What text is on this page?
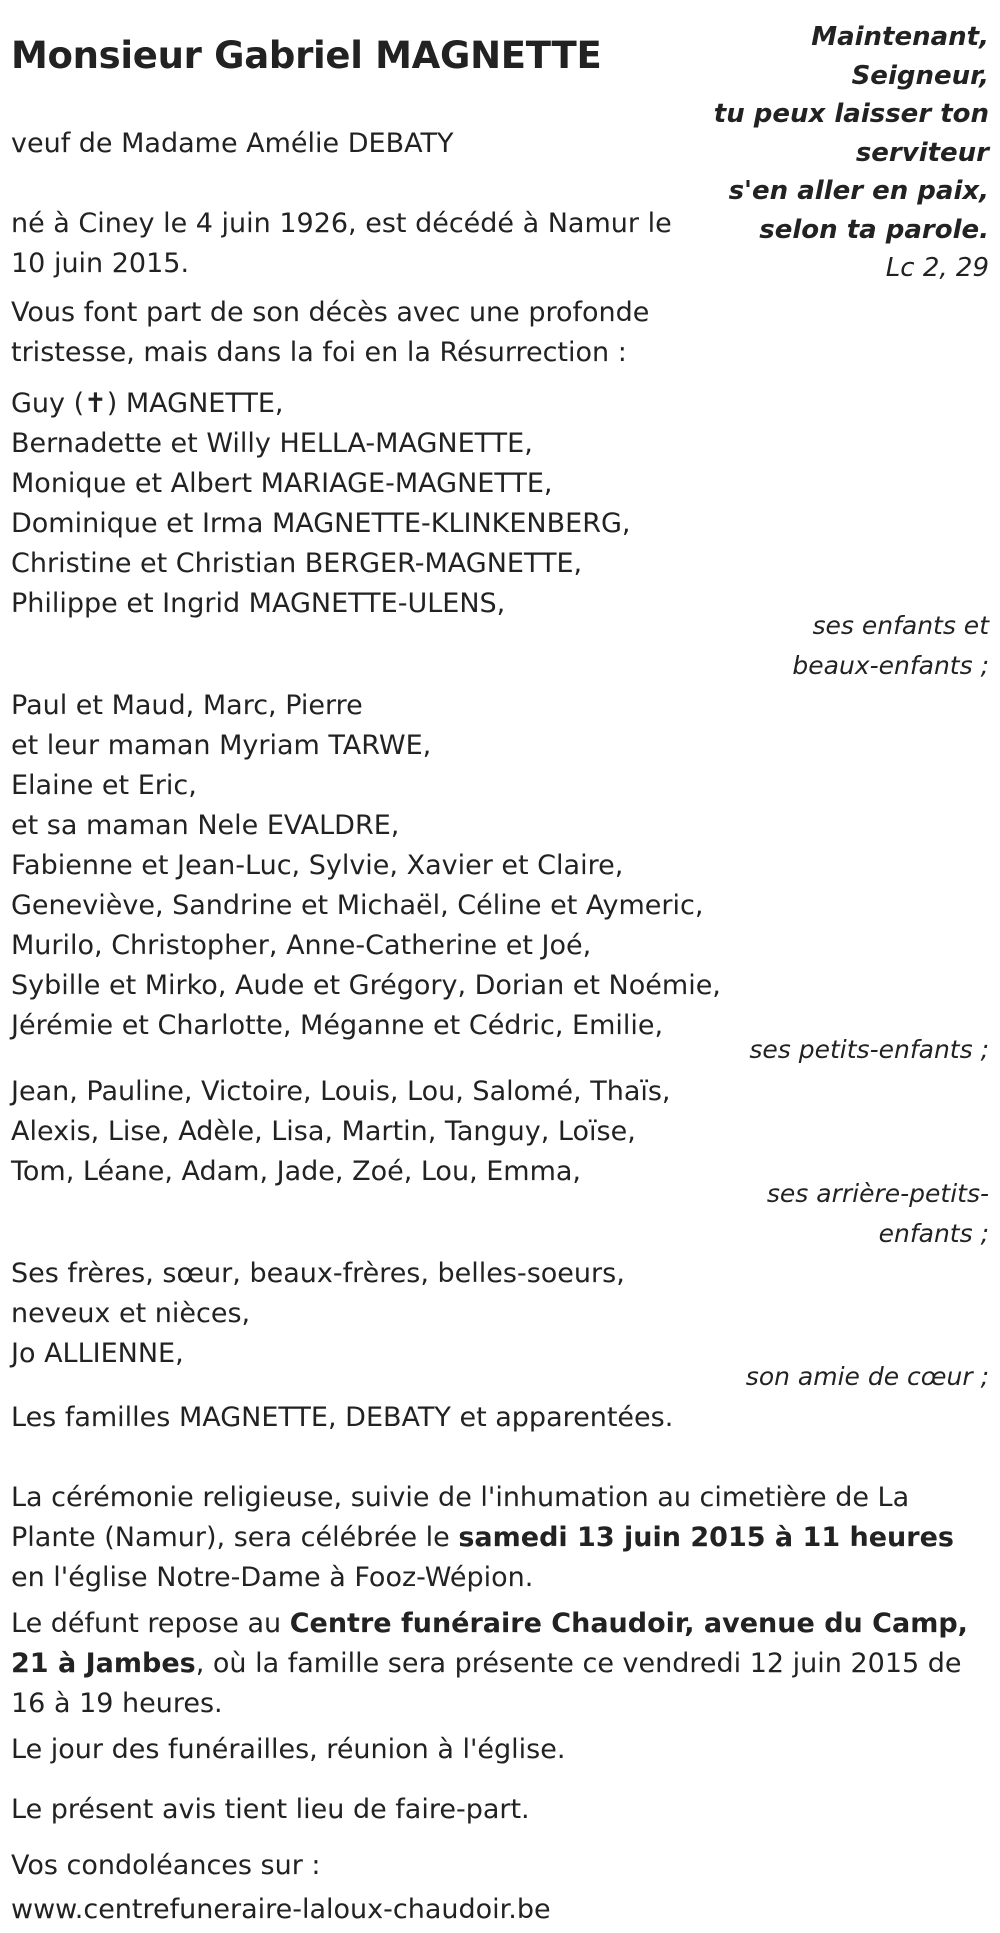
Monsieur Gabriel MAGNETTE	Maintenant,
Seigneur,
tu peux laisser ton
serviteur
s'en aller en paix,
selon ta parole.
Lc 2, 29
veuf de Madame Amélie DEBATY
né à Ciney le 4 juin 1926, est décédé à Namur le 10 juin 2015.
Vous font part de son décès avec une profonde tristesse, mais dans la foi en la Résurrection :
Guy (✝) MAGNETTE,
Bernadette et Willy HELLA-MAGNETTE,
Monique et Albert MARIAGE-MAGNETTE,
Dominique et Irma MAGNETTE-KLINKENBERG,
Christine et Christian BERGER-MAGNETTE,
Philippe et Ingrid MAGNETTE-ULENS,
ses enfants et beaux-enfants ;
Paul et Maud, Marc, Pierre
et leur maman Myriam TARWE,
Elaine et Eric,
et sa maman Nele EVALDRE,
Fabienne et Jean-Luc, Sylvie, Xavier et Claire,
Geneviève, Sandrine et Michaël, Céline et Aymeric,
Murilo, Christopher, Anne-Catherine et Joé,
Sybille et Mirko, Aude et Grégory, Dorian et Noémie,
Jérémie et Charlotte, Méganne et Cédric, Emilie,
ses petits-enfants ;
Jean, Pauline, Victoire, Louis, Lou, Salomé, Thaïs,
Alexis, Lise, Adèle, Lisa, Martin, Tanguy, Loïse,
Tom, Léane, Adam, Jade, Zoé, Lou, Emma,
ses arrière-petits-enfants ;
Ses frères, sœur, beaux-frères, belles-soeurs,
neveux et nièces,
Jo ALLIENNE,
son amie de cœur ;
Les familles MAGNETTE, DEBATY et apparentées.
La cérémonie religieuse, suivie de l'inhumation au cimetière de La Plante (Namur), sera célébrée le samedi 13 juin 2015 à 11 heures en l'église Notre-Dame à Fooz-Wépion.
Le défunt repose au Centre funéraire Chaudoir, avenue du Camp, 21 à Jambes, où la famille sera présente ce vendredi 12 juin 2015 de 16 à 19 heures.
Le jour des funérailles, réunion à l'église.
Le présent avis tient lieu de faire-part.
Vos condoléances sur :
www.centrefuneraire-laloux-chaudoir.be
